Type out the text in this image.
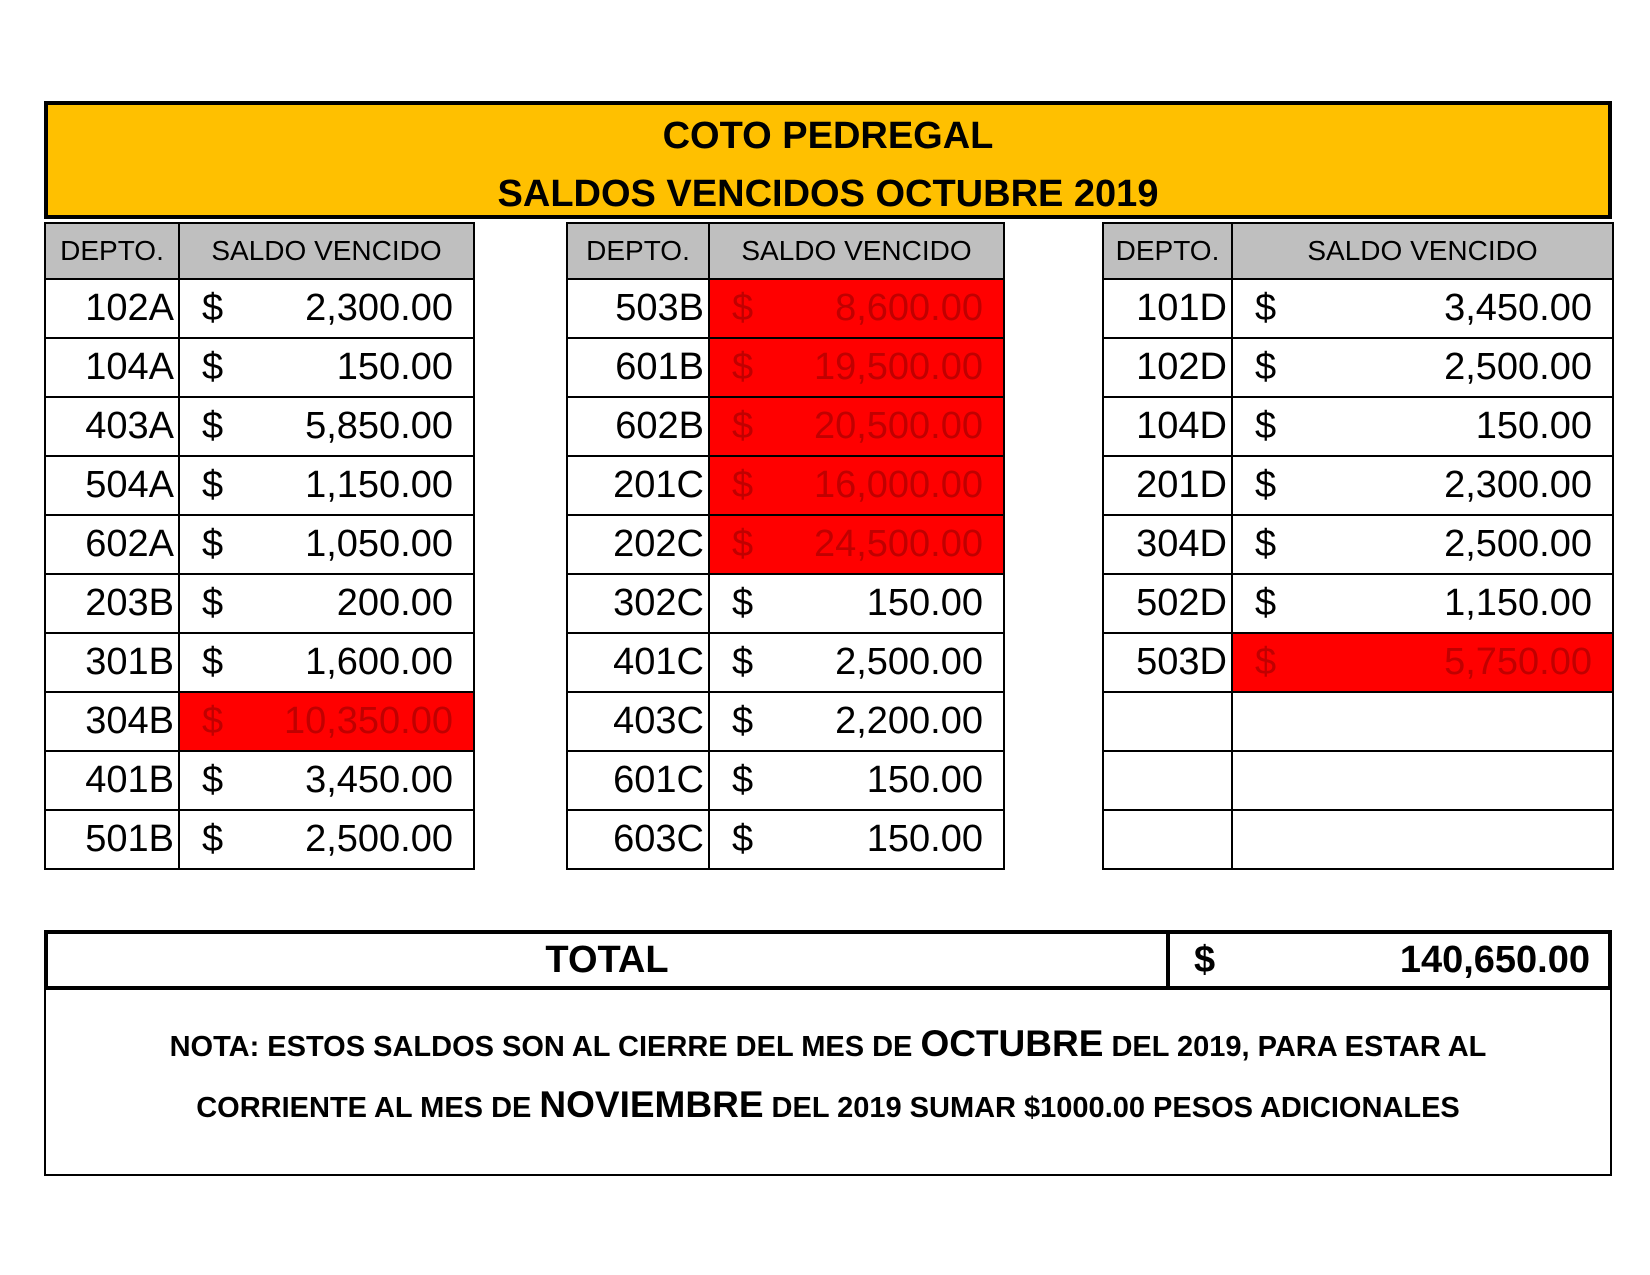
COTO PEDREGAL
SALDOS VENCIDOS OCTUBRE 2019
DEPTO.	SALDO VENCIDO
102A	$ 2,300.00

104A	$ 150.00

403A	$ 5,850.00

504A	$ 1,150.00

602A	$ 1,050.00

203B	$ 200.00

301B	$ 1,600.00

304B	$ 10,350.00

401B	$ 3,450.00

501B	$ 2,500.00
DEPTO.	SALDO VENCIDO
503B	$ 8,600.00

601B	$ 19,500.00

602B	$ 20,500.00

201C	$ 16,000.00

202C	$ 24,500.00

302C	$ 150.00

401C	$ 2,500.00

403C	$ 2,200.00

601C	$ 150.00

603C	$ 150.00
DEPTO.	SALDO VENCIDO
101D	$ 3,450.00

102D	$ 2,500.00

104D	$ 150.00

201D	$ 2,300.00

304D	$ 2,500.00

502D	$ 1,150.00

503D	$ 5,750.00

TOTAL	$	140,650.00
NOTA: ESTOS SALDOS SON AL CIERRE DEL MES DE OCTUBRE DEL 2019, PARA ESTAR AL
CORRIENTE AL MES DE NOVIEMBRE DEL 2019 SUMAR $1000.00 PESOS ADICIONALES
